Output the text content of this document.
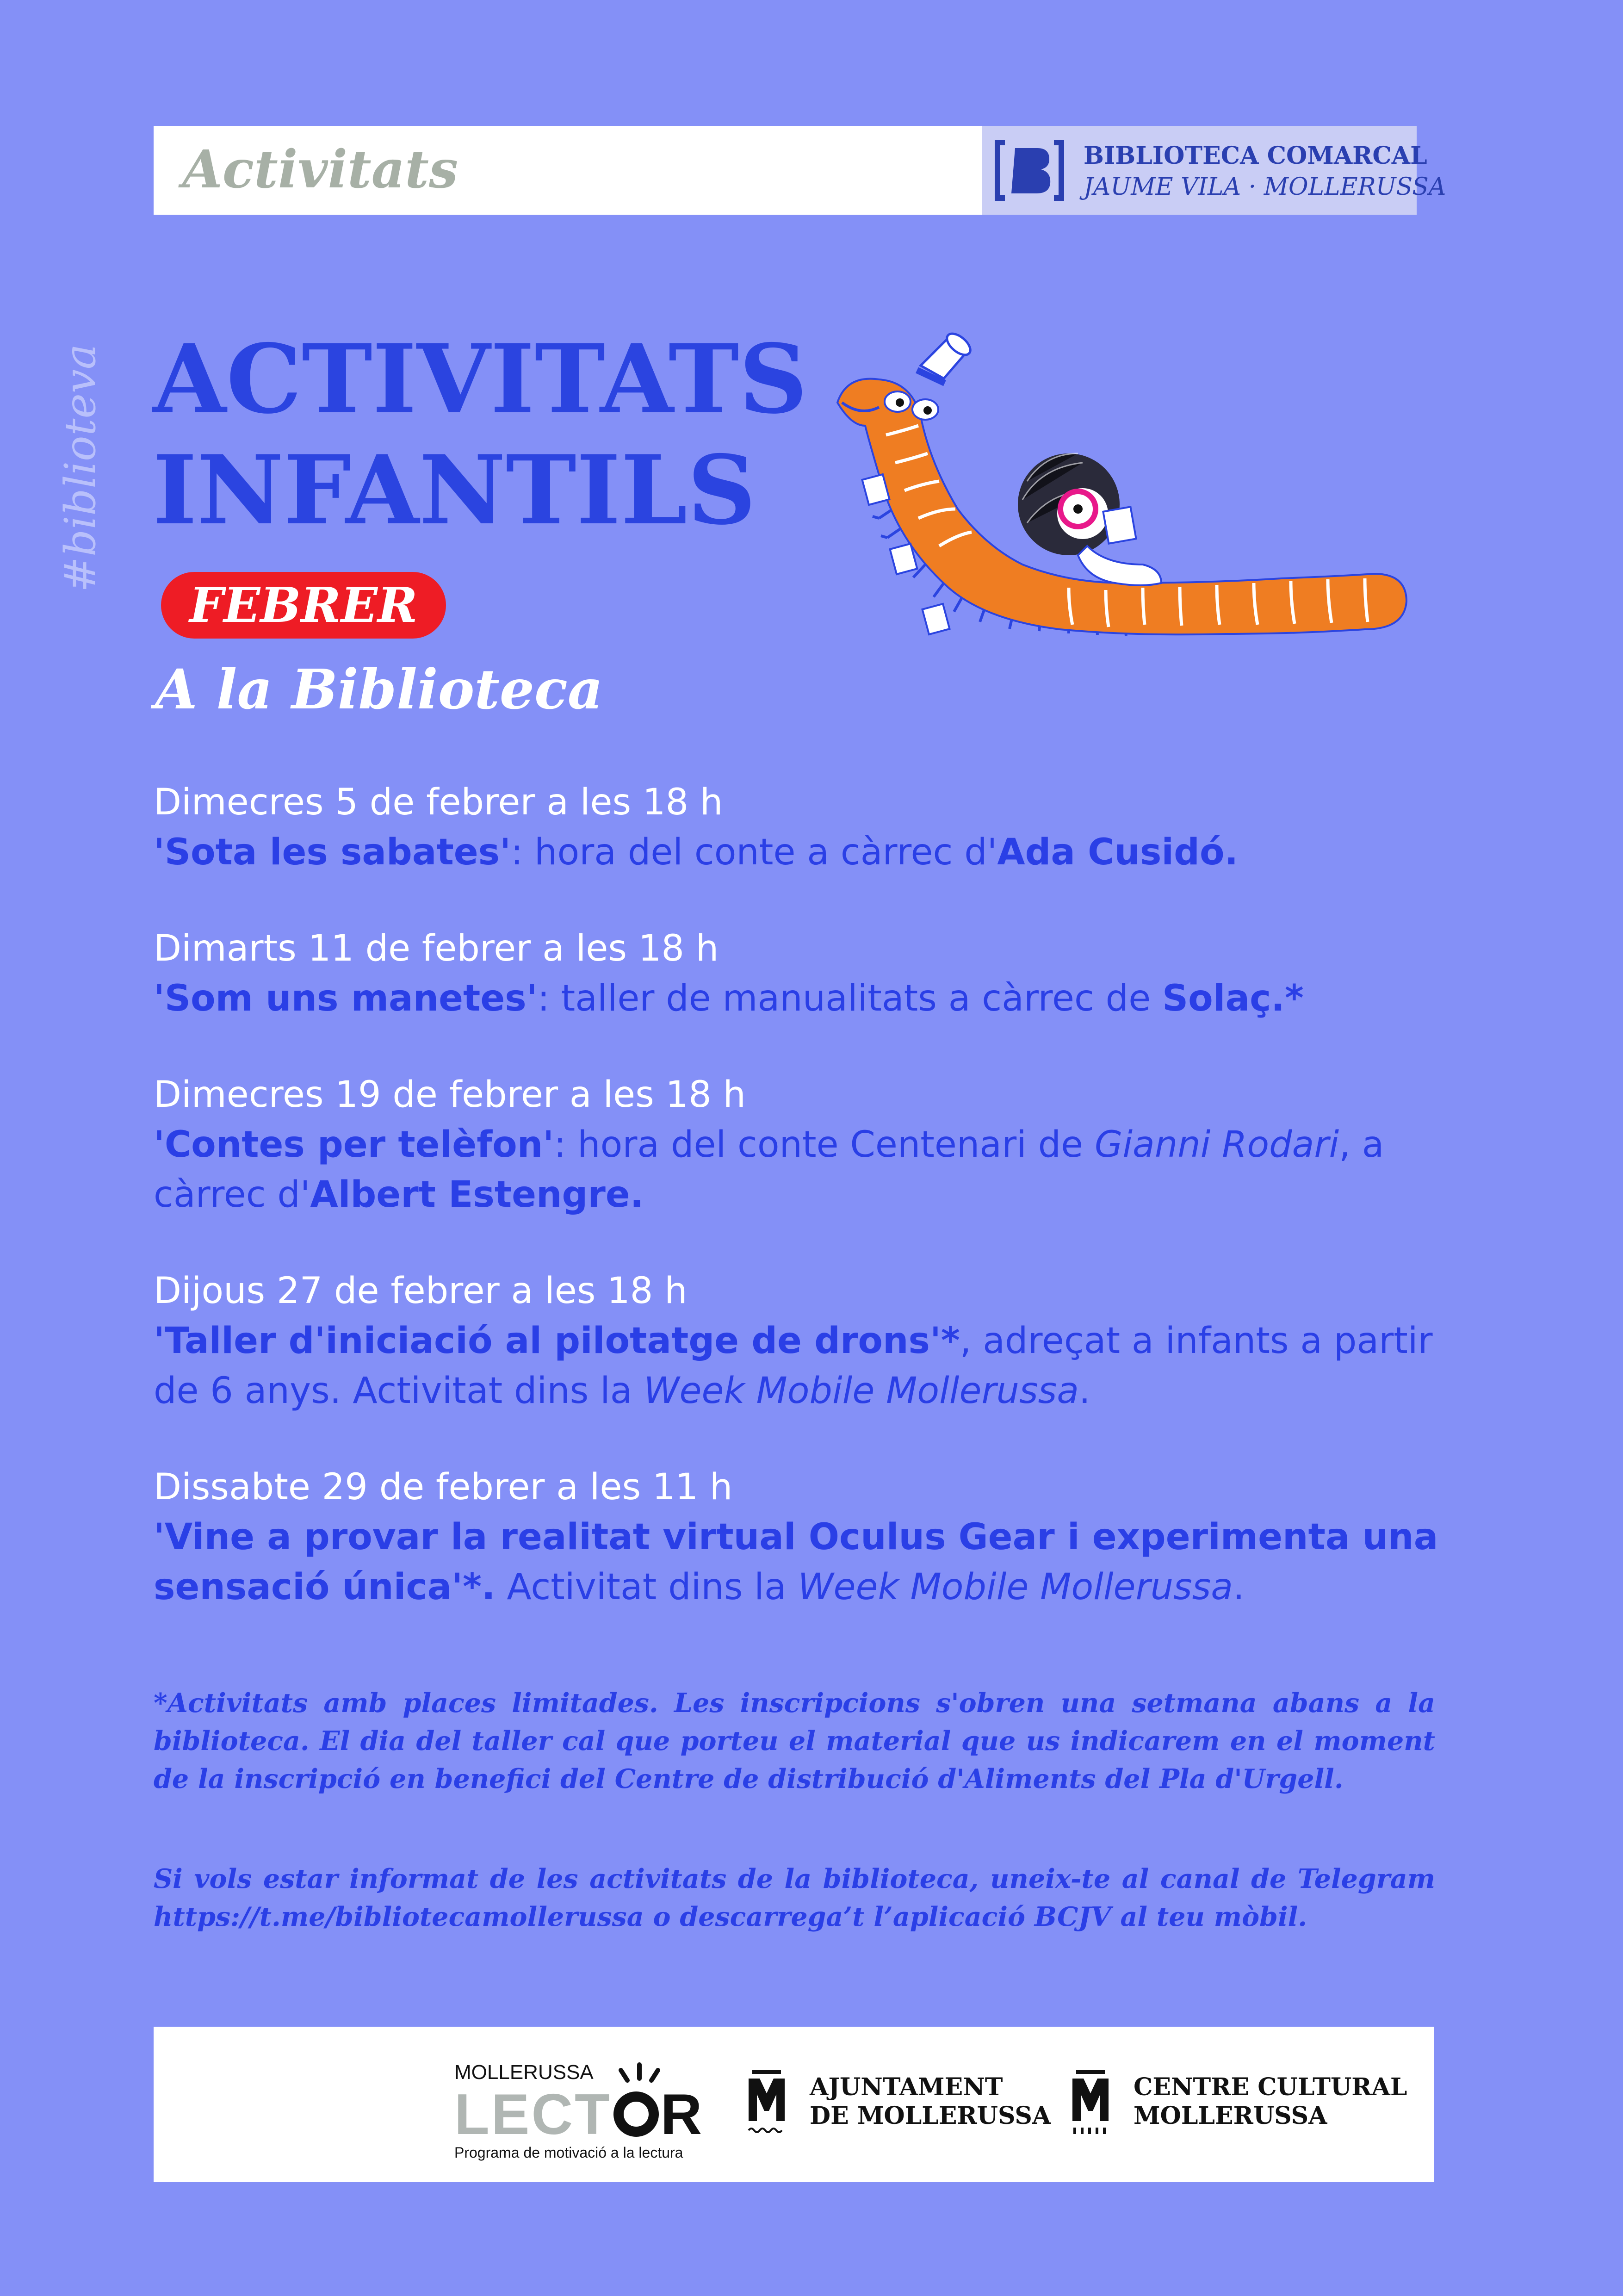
Activitats	BIBLIOTECA COMARCAL
JAUME VILA · MOLLERUSSA
#biblioteva ACTIVITATS
INFANTILS
FEBRER
A la Biblioteca
Dimecres 5 de febrer a les 18 h
'Sota les sabates': hora del conte a càrrec d'Ada Cusidó.
Dimarts 11 de febrer a les 18 h
'Som uns manetes': taller de manualitats a càrrec de Solaç.*
Dimecres 19 de febrer a les 18 h
'Contes per telèfon': hora del conte Centenari de Gianni Rodari, a càrrec d'Albert Estengre.
Dijous 27 de febrer a les 18 h
'Taller d'iniciació al pilotatge de drons'*, adreçat a infants a partir de 6 anys. Activitat dins la Week Mobile Mollerussa.
Dissabte 29 de febrer a les 11 h
'Vine a provar la realitat virtual Oculus Gear i experimenta una sensació única'*. Activitat dins la Week Mobile Mollerussa.
*Activitats amb places limitades. Les inscripcions s'obren una setmana abans a la biblioteca. El dia del taller cal que porteu el material que us indicarem en el moment de la inscripció en benefici del Centre de distribució d'Aliments del Pla d'Urgell.
Si vols estar informat de les activitats de la biblioteca, uneix-te al canal de Telegram https://t.me/bibliotecamollerussa o descarrega’t l’aplicació BCJV al teu mòbil.
MOLLERUSSA
LECT R
Programa de motivació a la lectura
AJUNTAMENT
DE MOLLERUSSA
CENTRE CULTURAL
MOLLERUSSA
